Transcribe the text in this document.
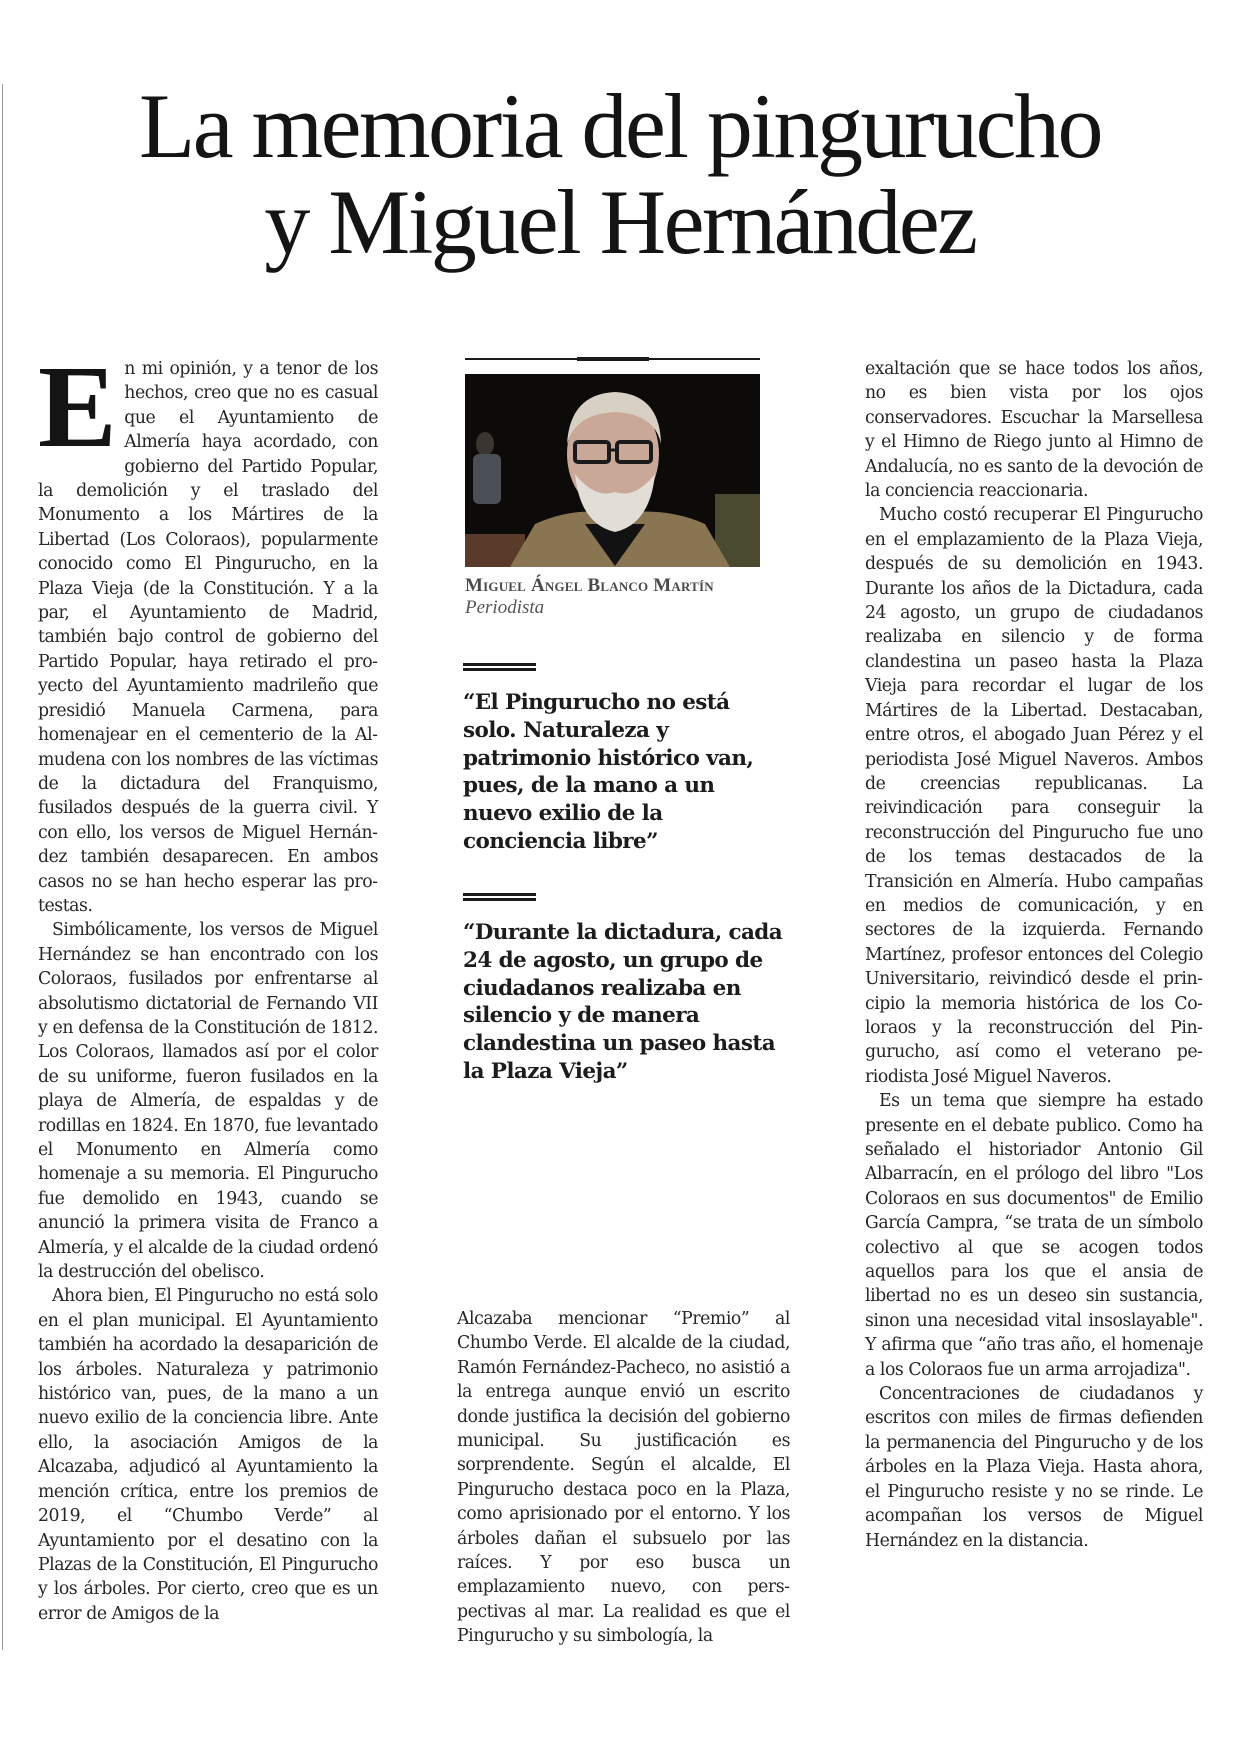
La memoria del pingurucho
y Miguel Hernández

En mi opinión, y a tenor de los hechos, creo que no es casual que el Ayuntamiento de Almería haya acordado, con gobierno del Partido Popular, la demolición y el traslado del Monumento a los Mártires de la Libertad (Los Coloraos), popularmente conocido como El Pingurucho, en la Plaza Vieja (de la Constitución. Y a la par, el Ayuntamiento de Madrid, también bajo control de gobierno del Partido Popular, haya retirado el proyecto del Ayuntamiento madrileño que presidió Manuela Carmena, para homenajear en el cementerio de la Almudena con los nombres de las víctimas de la dictadura del Franquismo, fusilados después de la guerra civil. Y con ello, los versos de Miguel Hernández también desaparecen. En ambos casos no se han hecho esperar las protestas.

Simbólicamente, los versos de Miguel Hernández se han encontrado con los Coloraos, fusilados por enfrentarse al absolutismo dictatorial de Fernando VII y en defensa de la Constitución de 1812. Los Coloraos, llamados así por el color de su uniforme, fueron fusilados en la playa de Almería, de espaldas y de rodillas en 1824. En 1870, fue levantado el Monumento en Almería como homenaje a su memoria. El Pingurucho fue demolido en 1943, cuando se anunció la primera visita de Franco a Almería, y el alcalde de la ciudad ordenó la destrucción del obelisco.

Ahora bien, El Pingurucho no está solo en el plan municipal. El Ayuntamiento también ha acordado la desaparición de los árboles. Naturaleza y patrimonio histórico van, pues, de la mano a un nuevo exilio de la conciencia libre. Ante ello, la asociación Amigos de la Alcazaba, adjudicó al Ayuntamiento la mención crítica, entre los premios de 2019, el “Chumbo Verde” al Ayuntamiento por el desatino con la Plazas de la Constitución, El Pingurucho y los árboles. Por cierto, creo que es un error de Amigos de la

Miguel Ángel Blanco Martín
Periodista
“El Pingurucho no está solo. Naturaleza y patrimonio histórico van, pues, de la mano a un nuevo exilio de la conciencia libre”
“Durante la dictadura, cada 24 de agosto, un grupo de ciudadanos realizaba en silencio y de manera clandestina un paseo hasta la Plaza Vieja”

Alcazaba mencionar “Premio” al Chumbo Verde. El alcalde de la ciudad, Ramón Fernández-Pacheco, no asistió a la entrega aunque envió un escrito donde justifica la decisión del gobierno municipal. Su justificación es sorprendente. Según el alcalde, El Pingurucho destaca poco en la Plaza, como aprisionado por el entorno. Y los árboles dañan el subsuelo por las raíces. Y por eso busca un emplazamiento nuevo, con perspectivas al mar. La realidad es que el Pingurucho y su simbología, la

exaltación que se hace todos los años, no es bien vista por los ojos conservadores. Escuchar la Marsellesa y el Himno de Riego junto al Himno de Andalucía, no es santo de la devoción de la conciencia reaccionaria.

Mucho costó recuperar El Pingurucho en el emplazamiento de la Plaza Vieja, después de su demolición en 1943. Durante los años de la Dictadura, cada 24 agosto, un grupo de ciudadanos realizaba en silencio y de forma clandestina un paseo hasta la Plaza Vieja para recordar el lugar de los Mártires de la Libertad. Destacaban, entre otros, el abogado Juan Pérez y el periodista José Miguel Naveros. Ambos de creencias republicanas. La reivindicación para conseguir la reconstrucción del Pingurucho fue uno de los temas destacados de la Transición en Almería. Hubo campañas en medios de comunicación, y en sectores de la izquierda. Fernando Martínez, profesor entonces del Colegio Universitario, reivindicó desde el principio la memoria histórica de los Coloraos y la reconstrucción del Pingurucho, así como el veterano periodista José Miguel Naveros.

Es un tema que siempre ha estado presente en el debate publico. Como ha señalado el historiador Antonio Gil Albarracín, en el prólogo del libro "Los Coloraos en sus documentos" de Emilio García Campra, “se trata de un símbolo colectivo al que se acogen todos aquellos para los que el ansia de libertad no es un deseo sin sustancia, sinon una necesidad vital insoslayable". Y afirma que “año tras año, el homenaje a los Coloraos fue un arma arrojadiza".

Concentraciones de ciudadanos y escritos con miles de firmas defienden la permanencia del Pingurucho y de los árboles en la Plaza Vieja. Hasta ahora, el Pingurucho resiste y no se rinde. Le acompañan los versos de Miguel Hernández en la distancia.
